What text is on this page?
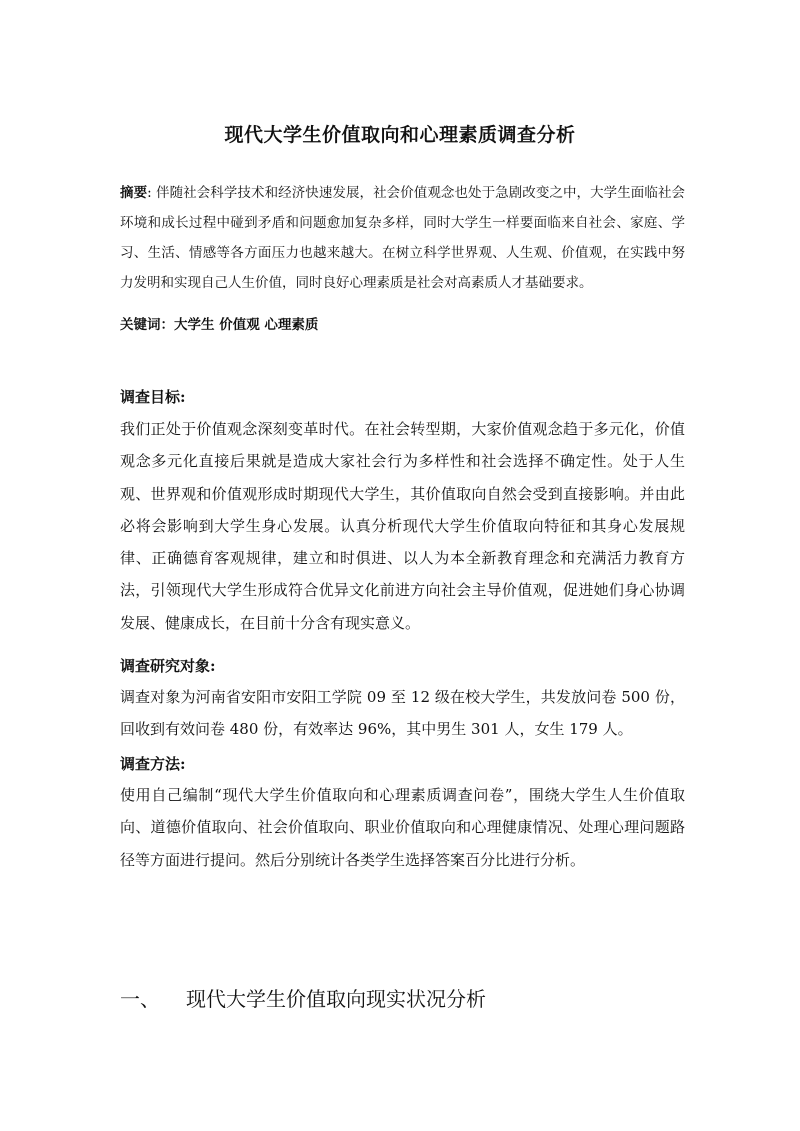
现代大学生价值取向和心理素质调查分析
摘要: 伴随社会科学技术和经济快速发展，社会价值观念也处于急剧改变之中，大学生面临社会环境和成长过程中碰到矛盾和问题愈加复杂多样，同时大学生一样要面临来自社会、家庭、学习、生活、情感等各方面压力也越来越大。在树立科学世界观、人生观、价值观，在实践中努力发明和实现自己人生价值，同时良好心理素质是社会对高素质人才基础要求。
关键词：大学生 价值观 心理素质
调查目标:
我们正处于价值观念深刻变革时代。在社会转型期，大家价值观念趋于多元化，价值观念多元化直接后果就是造成大家社会行为多样性和社会选择不确定性。处于人生观、世界观和价值观形成时期现代大学生，其价值取向自然会受到直接影响。并由此必将会影响到大学生身心发展。认真分析现代大学生价值取向特征和其身心发展规律、正确德育客观规律，建立和时俱进、以人为本全新教育理念和充满活力教育方法，引领现代大学生形成符合优异文化前进方向社会主导价值观，促进她们身心协调发展、健康成长，在目前十分含有现实意义。
调查研究对象:
调查对象为河南省安阳市安阳工学院 09 至 12 级在校大学生，共发放问卷 500 份，回收到有效问卷 480 份，有效率达 96%，其中男生 301 人，女生 179 人。
调查方法:
使用自己编制“现代大学生价值取向和心理素质调查问卷”，围绕大学生人生价值取向、道德价值取向、社会价值取向、职业价值取向和心理健康情况、处理心理问题路径等方面进行提问。然后分别统计各类学生选择答案百分比进行分析。
一、	现代大学生价值取向现实状况分析
